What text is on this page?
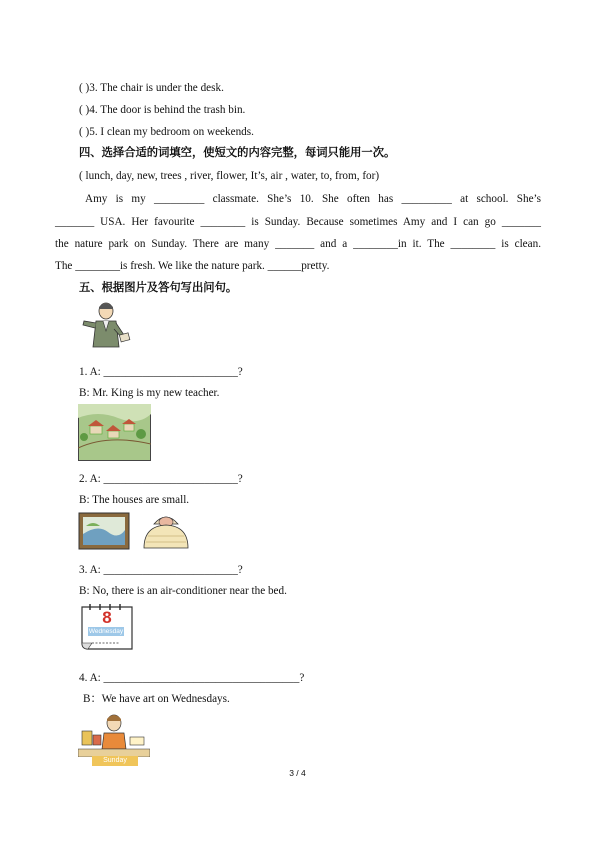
( )3. The chair is under the desk.
( )4. The door is behind the trash bin.
( )5. I clean my bedroom on weekends.
四、选择合适的词填空，使短文的内容完整，每词只能用一次。
( lunch, day, new, trees , river, flower, It’s, air , water, to, from, for)
Amy is my _________ classmate. She’s 10. She often has _________ at school. She’s
_______ USA. Her favourite ________ is Sunday. Because sometimes Amy and I can go _______
the nature park on Sunday. There are many _______ and a ________in it. The ________ is clean.
The ________is fresh. We like the nature park. ______pretty.
五、根据图片及答句写出问句。
1. A: ________________________?
B: Mr. King is my new teacher.
2. A: ________________________?
B: The houses are small.
3. A: ________________________?
B: No, there is an air-conditioner near the bed.
8
Wednesday
4. A: ___________________________________?
B：We have art on Wednesdays.
Sunday
3 / 4
